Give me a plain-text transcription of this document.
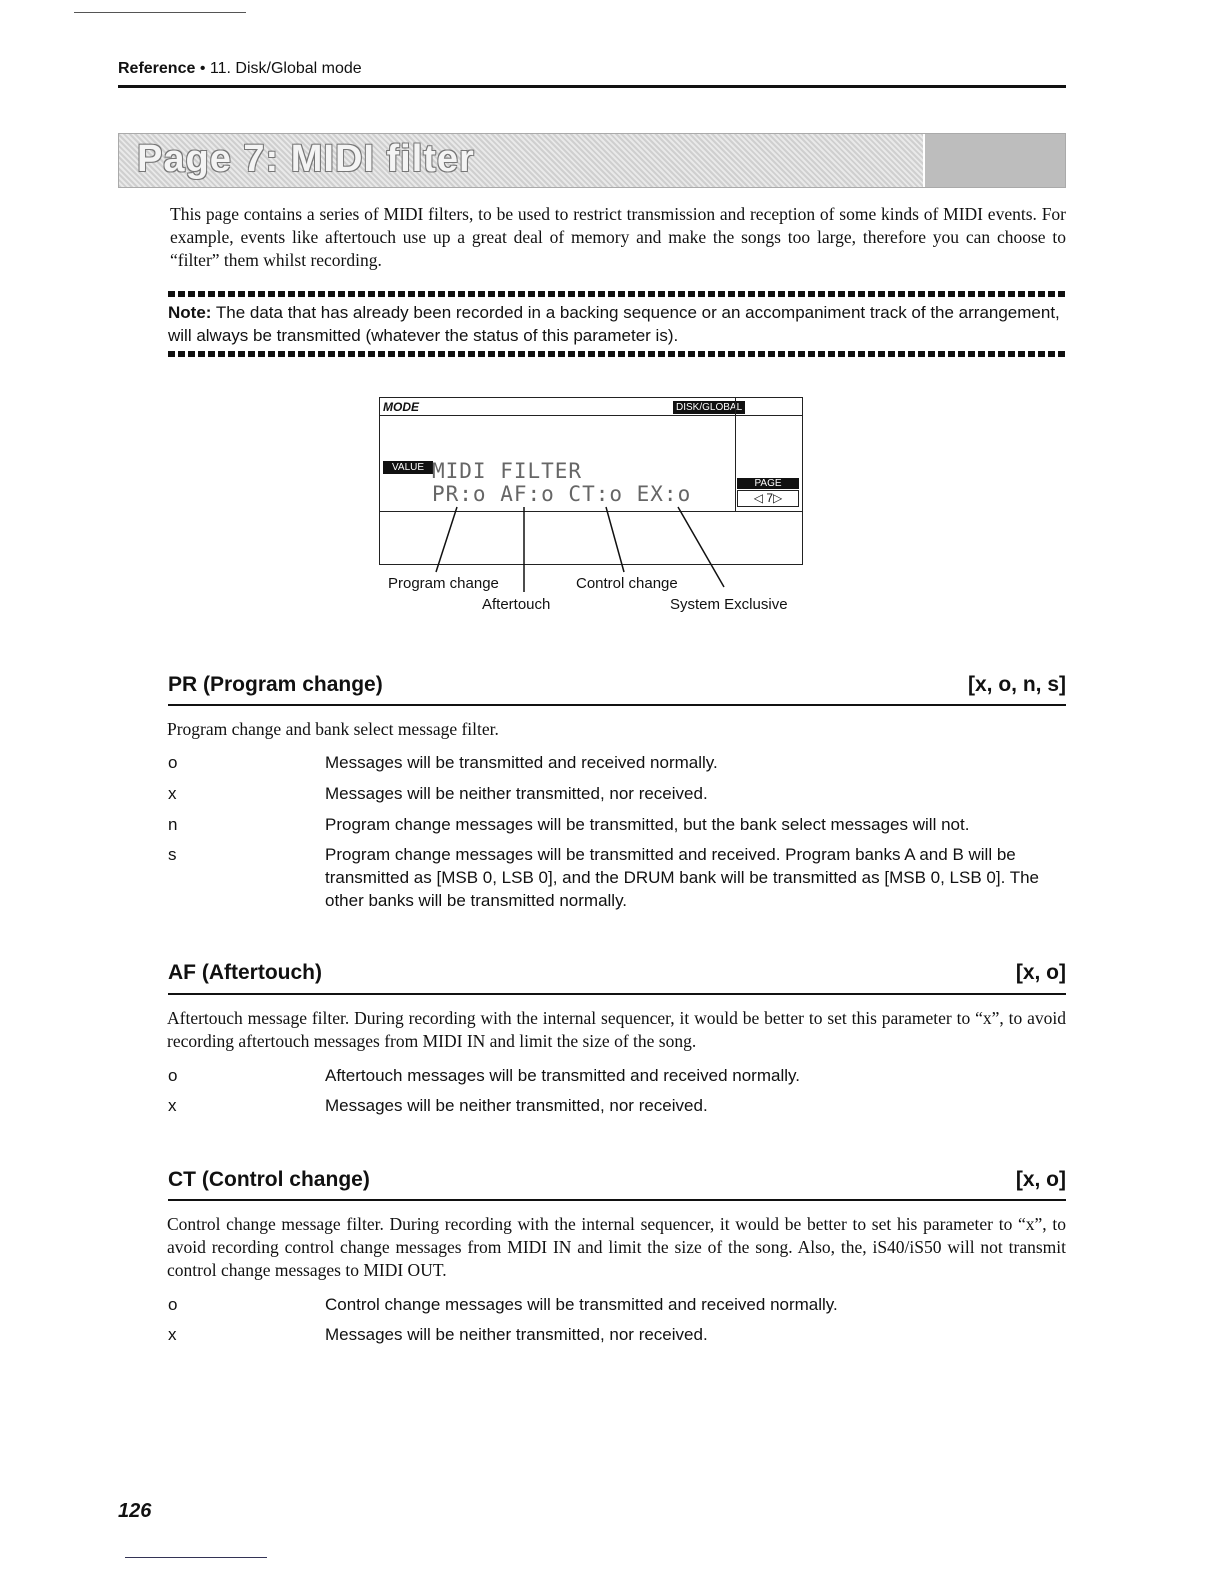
Reference • 11. Disk/Global mode
Page 7: MIDI filter
This page contains a series of MIDI filters, to be used to restrict transmission and reception of some kinds of MIDI events. For example, events like aftertouch use up a great deal of memory and make the songs too large, therefore you can choose to “filter” them whilst recording.
Note: The data that has already been recorded in a backing sequence or an accompaniment track of the arrangement, will always be transmitted (whatever the status of this parameter is).
MODE	DISK/GLOBAL
VALUE MIDI FILTER
PR:o AF:o CT:o EX:o	PAGE
◁ 7▷
Program change
Aftertouch
Control change
System Exclusive
PR (Program change)	[x, o, n, s]
Program change and bank select message filter.
o	Messages will be transmitted and received normally.
x	Messages will be neither transmitted, nor received.
n	Program change messages will be transmitted, but the bank select messages will not.
s	Program change messages will be transmitted and received. Program banks A and B will be transmitted as [MSB 0, LSB 0], and the DRUM bank will be transmitted as [MSB 0, LSB 0]. The other banks will be transmitted normally.
AF (Aftertouch)	[x, o]
Aftertouch message filter. During recording with the internal sequencer, it would be better to set this parameter to “x”, to avoid recording aftertouch messages from MIDI IN and limit the size of the song.
o	Aftertouch messages will be transmitted and received normally.
x	Messages will be neither transmitted, nor received.
CT (Control change)	[x, o]
Control change message filter. During recording with the internal sequencer, it would be better to set his parameter to “x”, to avoid recording control change messages from MIDI IN and limit the size of the song. Also, the, iS40/iS50 will not transmit control change messages to MIDI OUT.
o	Control change messages will be transmitted and received normally.
x	Messages will be neither transmitted, nor received.
126
